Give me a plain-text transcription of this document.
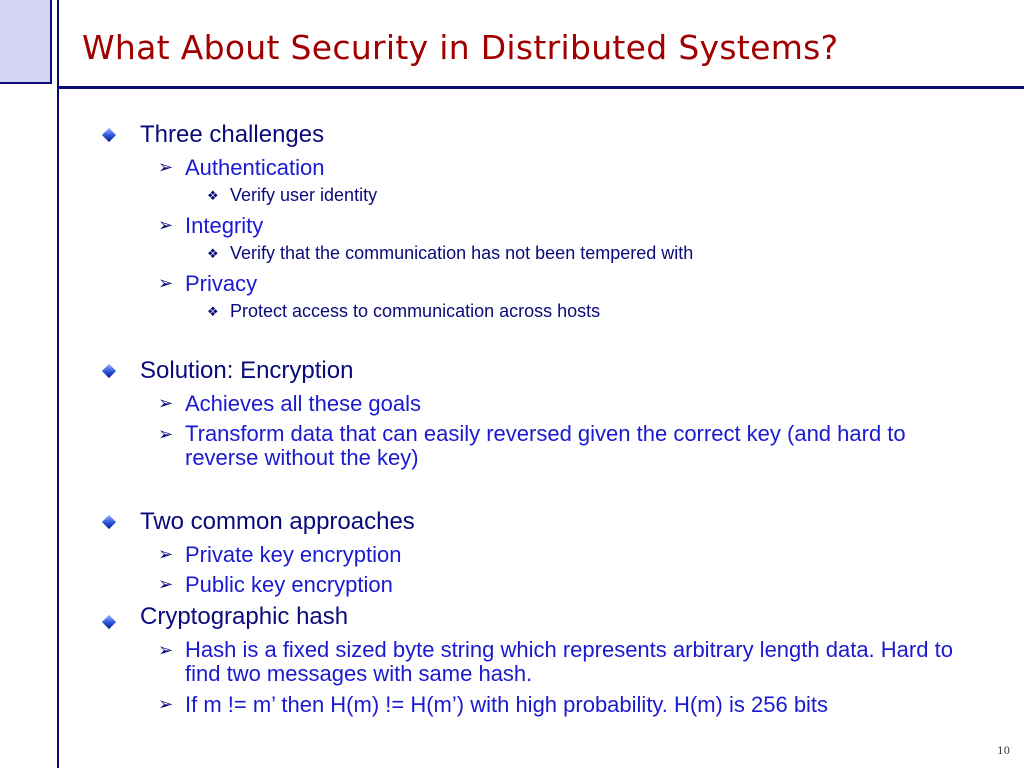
What About Security in Distributed Systems?
Three challenges
➢ Authentication
❖ Verify user identity
➢ Integrity
❖ Verify that the communication has not been tempered with
➢ Privacy
❖ Protect access to communication across hosts
Solution: Encryption
➢ Achieves all these goals
➢ Transform data that can easily reversed given the correct key (and hard to reverse without the key)
Two common approaches
➢ Private key encryption
➢ Public key encryption
Cryptographic hash
➢ Hash is a fixed sized byte string which represents arbitrary length data. Hard to find two messages with same hash.
➢ If m != m’ then H(m) != H(m’) with high probability. H(m) is 256 bits
10
